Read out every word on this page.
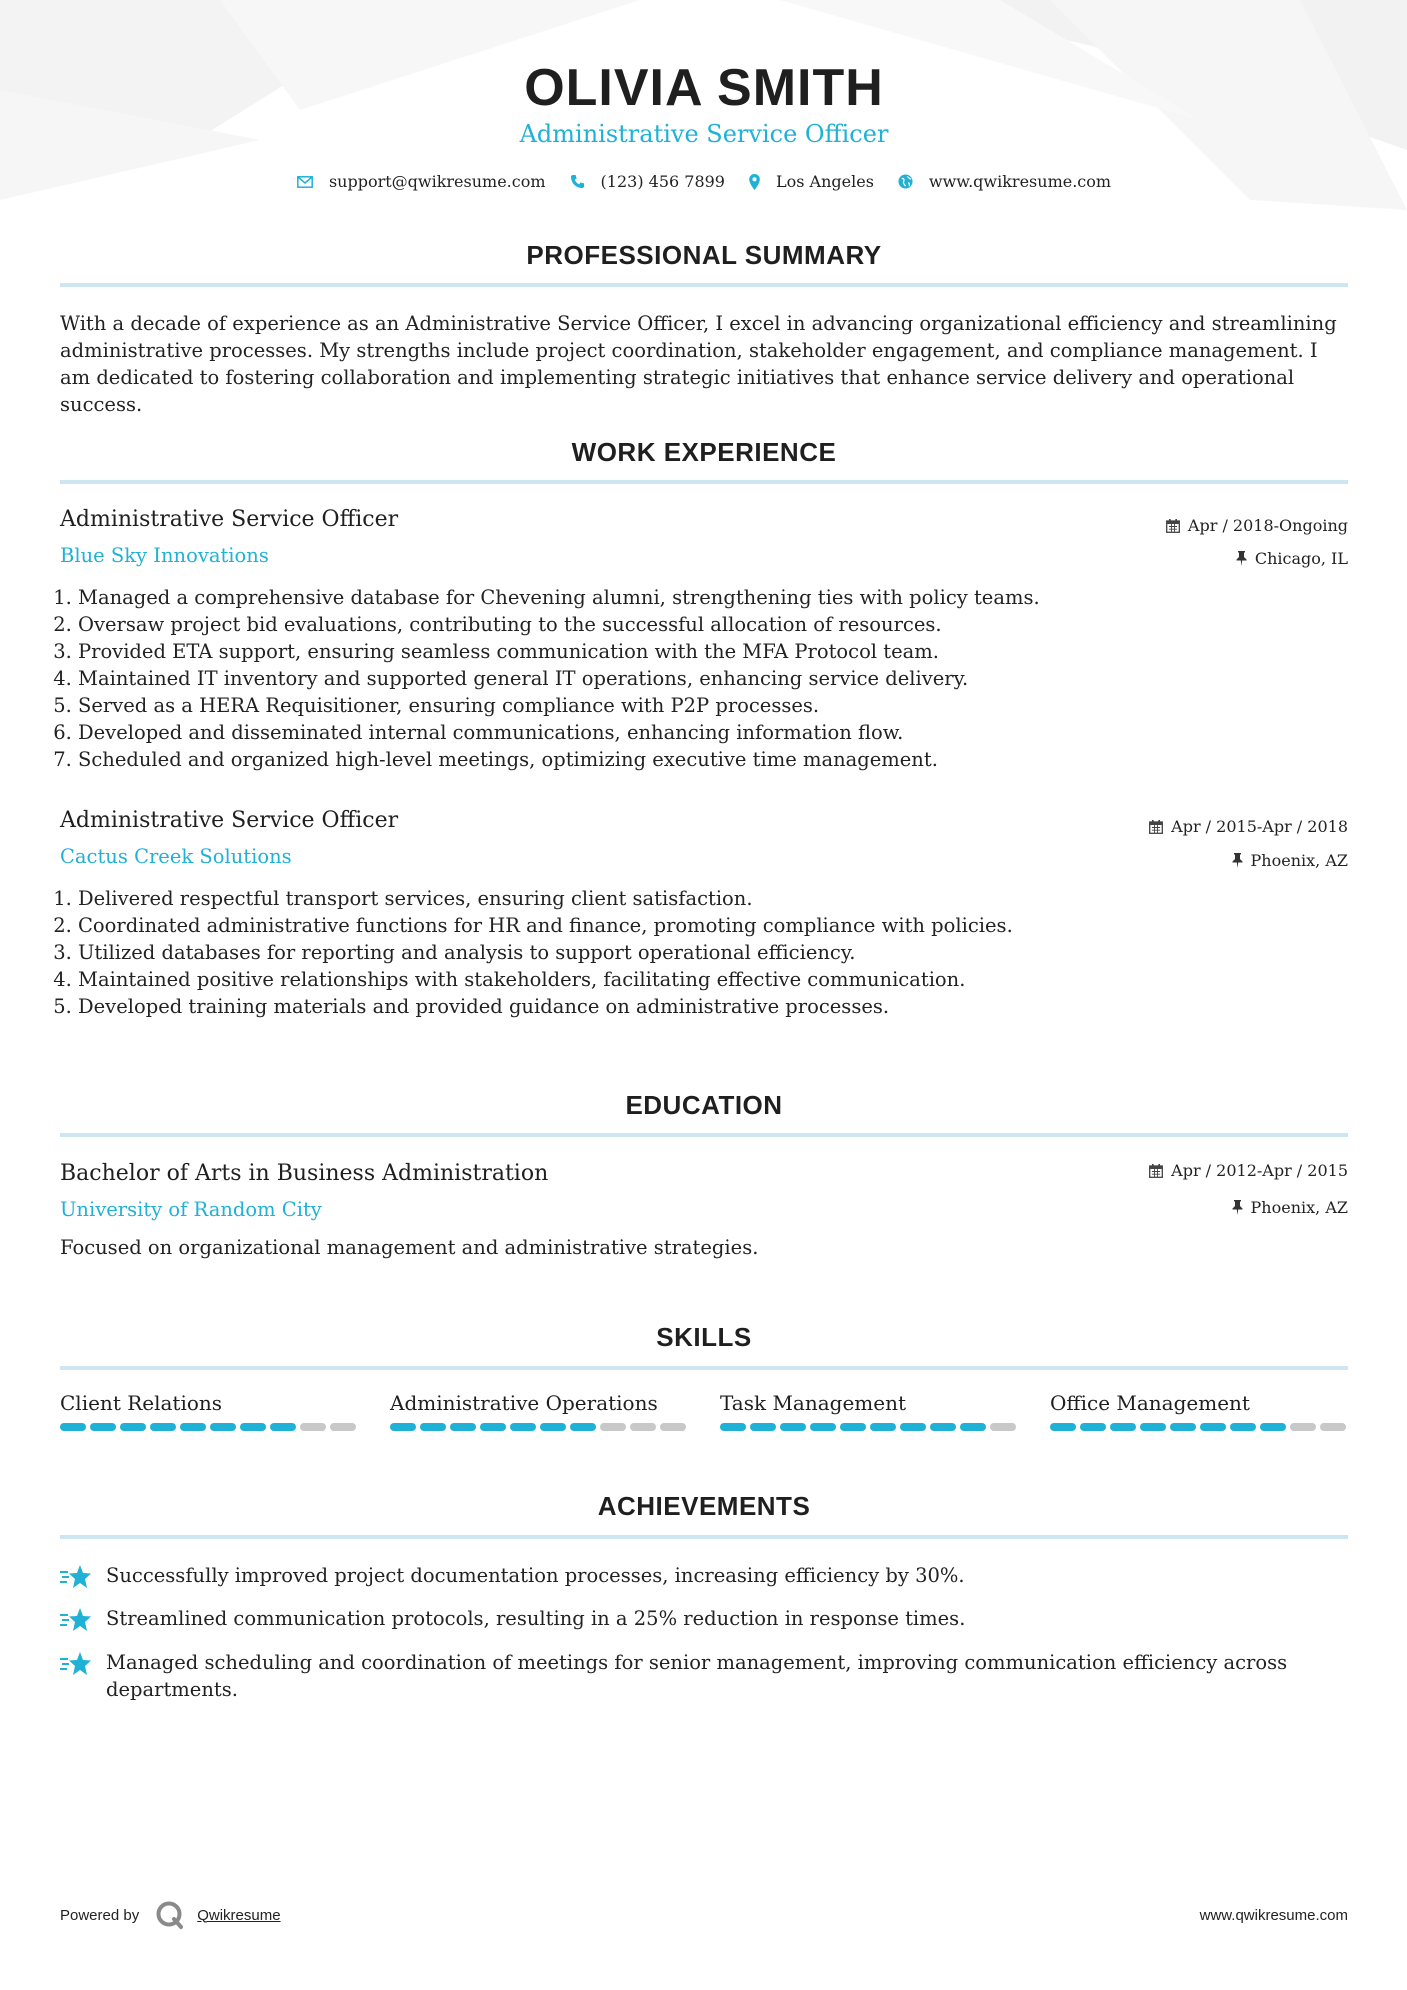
OLIVIA SMITH
Administrative Service Officer
support@qwikresume.com	(123) 456 7899	Los Angeles	www.qwikresume.com
PROFESSIONAL SUMMARY
With a decade of experience as an Administrative Service Officer, I excel in advancing organizational efficiency and streamlining administrative processes. My strengths include project coordination, stakeholder engagement, and compliance management. I am dedicated to fostering collaboration and implementing strategic initiatives that enhance service delivery and operational success.
WORK EXPERIENCE
Administrative Service Officer
Blue Sky Innovations
Apr / 2018-Ongoing
Chicago, IL
1. Managed a comprehensive database for Chevening alumni, strengthening ties with policy teams.
2. Oversaw project bid evaluations, contributing to the successful allocation of resources.
3. Provided ETA support, ensuring seamless communication with the MFA Protocol team.
4. Maintained IT inventory and supported general IT operations, enhancing service delivery.
5. Served as a HERA Requisitioner, ensuring compliance with P2P processes.
6. Developed and disseminated internal communications, enhancing information flow.
7. Scheduled and organized high-level meetings, optimizing executive time management.
Administrative Service Officer
Cactus Creek Solutions
Apr / 2015-Apr / 2018
Phoenix, AZ
1. Delivered respectful transport services, ensuring client satisfaction.
2. Coordinated administrative functions for HR and finance, promoting compliance with policies.
3. Utilized databases for reporting and analysis to support operational efficiency.
4. Maintained positive relationships with stakeholders, facilitating effective communication.
5. Developed training materials and provided guidance on administrative processes.
EDUCATION
Bachelor of Arts in Business Administration
University of Random City
Apr / 2012-Apr / 2015
Phoenix, AZ
Focused on organizational management and administrative strategies.
SKILLS
Client Relations	Administrative Operations	Task Management	Office Management
ACHIEVEMENTS
Successfully improved project documentation processes, increasing efficiency by 30%.
Streamlined communication protocols, resulting in a 25% reduction in response times.
Managed scheduling and coordination of meetings for senior management, improving communication efficiency across departments.
Powered by	Qwikresume	www.qwikresume.com
